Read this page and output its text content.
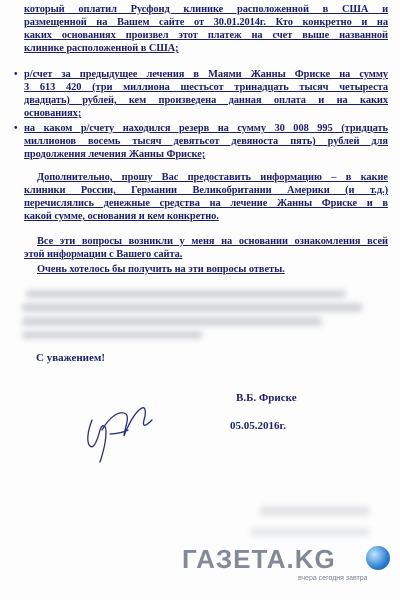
который оплатил Русфонд клинике расположенной в США и
размещенной на Вашем сайте от 30.01.2014г. Кто конкретно и на
каких основаниях произвел этот платеж на счет выше названной
клинике расположенной в США;
• р/счет за предыдущее лечения в Маями Жанны Фриске на сумму
3 613 420 (три миллиона шестьсот тринадцать тысяч четыреста
двадцать) рублей, кем произведена данная оплата и на каких
основаниях;
• на каком р/счету находился резерв на сумму 30 008 995 (тридцать
миллионов восемь тысяч девятьсот девяноста пять) рублей для
продолжения лечения Жанны Фриске;
Дополнительно, прошу Вас предоставить информацию – в какие
клиники России, Германии Великобритании Америки (и т.д.)
перечислялись денежные средства на лечение Жанны Фриске и в
какой сумме, основания и кем конкретно.
Все эти вопросы возникли у меня на основании ознакомления всей
этой информации с Вашего сайта.
Очень хотелось бы получить на эти вопросы ответы.
С уважением!
В.Б. Фриске
05.05.2016г.
ГАЗЕТА.KG
вчера сегодня завтра
